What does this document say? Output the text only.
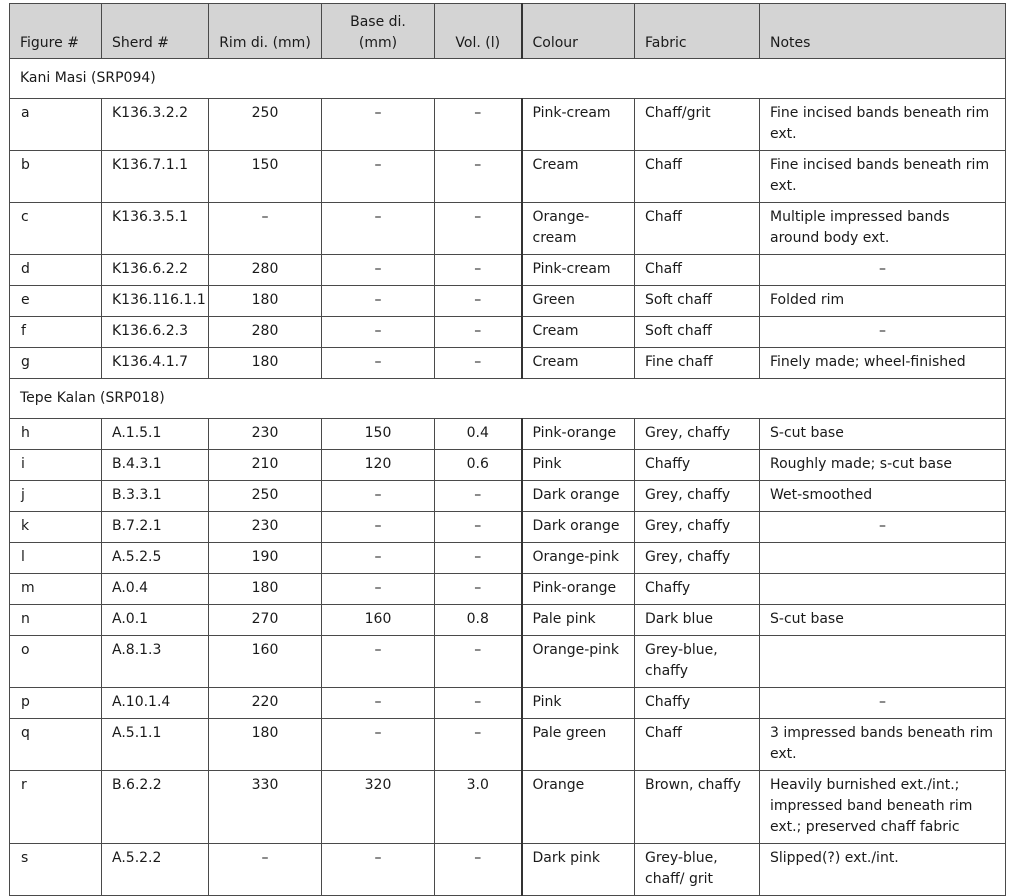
Figure #	Sherd #	Rim di. (mm)	Base di. (mm)	Vol. (l)	Colour	Fabric	Notes
Kani Masi (SRP094)							
a	K136.3.2.2	250	–	–	Pink-cream	Chaff/grit	Fine incised bands beneath rim ext.
b	K136.7.1.1	150	–	–	Cream	Chaff	Fine incised bands beneath rim ext.
c	K136.3.5.1	–	–	–	Orange-cream	Chaff	Multiple impressed bands around body ext.
d	K136.6.2.2	280	–	–	Pink-cream	Chaff	–
e	K136.116.1.1	180	–	–	Green	Soft chaff	Folded rim
f	K136.6.2.3	280	–	–	Cream	Soft chaff	–
g	K136.4.1.7	180	–	–	Cream	Fine chaff	Finely made; wheel-finished
Tepe Kalan (SRP018)							
h	A.1.5.1	230	150	0.4	Pink-orange	Grey, chaffy	S-cut base
i	B.4.3.1	210	120	0.6	Pink	Chaffy	Roughly made; s-cut base
j	B.3.3.1	250	–	–	Dark orange	Grey, chaffy	Wet-smoothed
k	B.7.2.1	230	–	–	Dark orange	Grey, chaffy	–
l	A.5.2.5	190	–	–	Orange-pink	Grey, chaffy	
m	A.0.4	180	–	–	Pink-orange	Chaffy	
n	A.0.1	270	160	0.8	Pale pink	Dark blue	S-cut base
o	A.8.1.3	160	–	–	Orange-pink	Grey-blue, chaffy	
p	A.10.1.4	220	–	–	Pink	Chaffy	–
q	A.5.1.1	180	–	–	Pale green	Chaff	3 impressed bands beneath rim ext.
r	B.6.2.2	330	320	3.0	Orange	Brown, chaffy	Heavily burnished ext./int.; impressed band beneath rim ext.; preserved chaff fabric
s	A.5.2.2	–	–	–	Dark pink	Grey-blue, chaff/ grit	Slipped(?) ext./int.
